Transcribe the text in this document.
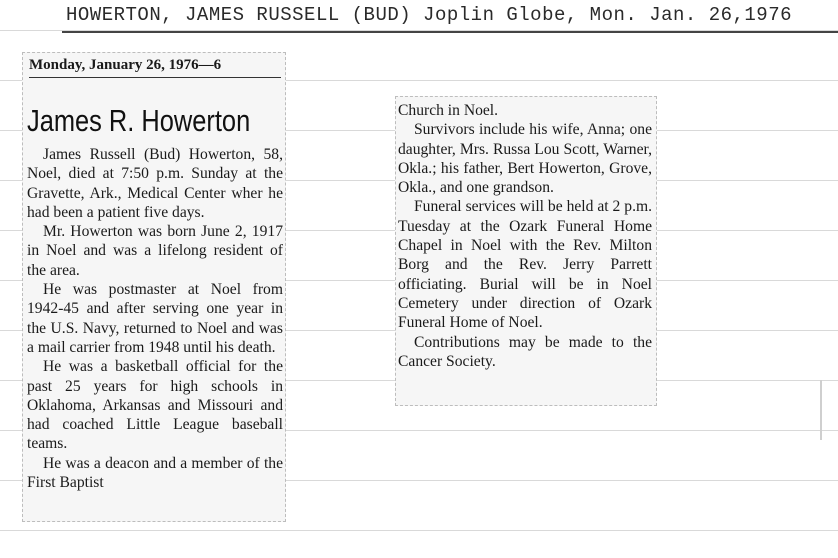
HOWERTON, JAMES RUSSELL (BUD) Joplin Globe, Mon. Jan. 26,1976
Monday, January 26, 1976—6
James R. Howerton

James Russell (Bud) Howerton, 58, Noel, died at 7:50 p.m. Sunday at the Gravette, Ark., Medical Center wher he had been a patient five days.

Mr. Howerton was born June 2, 1917 in Noel and was a lifelong resident of the area.

He was postmaster at Noel from 1942-45 and after serving one year in the U.S. Navy, returned to Noel and was a mail carrier from 1948 until his death.

He was a basketball official for the past 25 years for high schools in Oklahoma, Arkansas and Missouri and had coached Little League baseball teams.

He was a deacon and a member of the First Baptist

Church in Noel.

Survivors include his wife, Anna; one daughter, Mrs. Russa Lou Scott, Warner, Okla.; his father, Bert Howerton, Grove, Okla., and one grandson.

Funeral services will be held at 2 p.m. Tuesday at the Ozark Funeral Home Chapel in Noel with the Rev. Milton Borg and the Rev. Jerry Parrett officiating. Burial will be in Noel Cemetery under direction of Ozark Funeral Home of Noel.

Contributions may be made to the Cancer Society.
